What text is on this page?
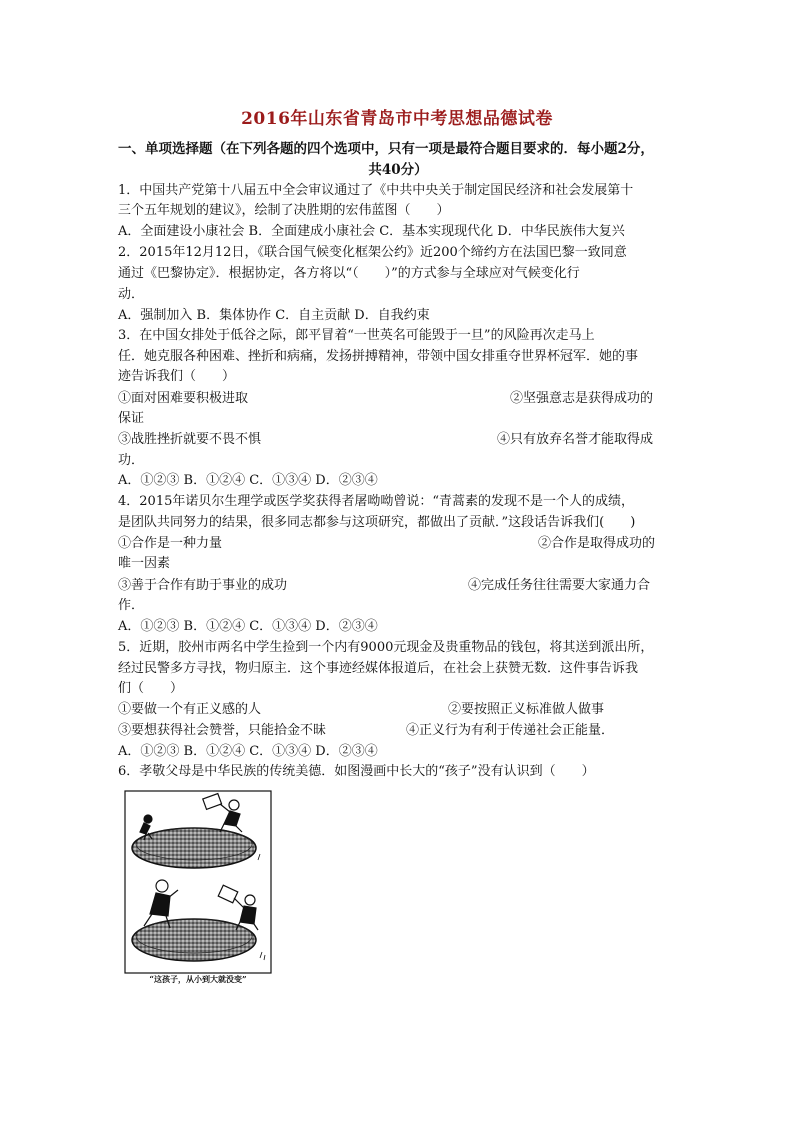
2016年山东省青岛市中考思想品德试卷
一、单项选择题（在下列各题的四个选项中，只有一项是最符合题目要求的．每小题2分，
共40分）
1．中国共产党第十八届五中全会审议通过了《中共中央关于制定国民经济和社会发展第十
三个五年规划的建议》，绘制了决胜期的宏伟蓝图（　　）
A．全面建设小康社会 B．全面建成小康社会 C．基本实现现代化 D．中华民族伟大复兴
2．2015年12月12日，《联合国气候变化框架公约》近200个缔约方在法国巴黎一致同意
通过《巴黎协定》．根据协定，各方将以“（　　）”的方式参与全球应对气候变化行
动．
A．强制加入 B．集体协作 C．自主贡献 D．自我约束
3．在中国女排处于低谷之际，郎平冒着“一世英名可能毁于一旦”的风险再次走马上
任．她克服各种困难、挫折和病痛，发扬拼搏精神，带领中国女排重夺世界杯冠军．她的事
迹告诉我们（　　）
①面对困难要积极进取	②坚强意志是获得成功的
保证
③战胜挫折就要不畏不惧	④只有放弃名誉才能取得成
功．
A．①②③ B．①②④ C．①③④ D．②③④
4．2015年诺贝尔生理学或医学奖获得者屠呦呦曾说：“青蒿素的发现不是一个人的成绩，
是团队共同努力的结果，很多同志都参与这项研究，都做出了贡献．”这段话告诉我们(　　)
①合作是一种力量	②合作是取得成功的
唯一因素
③善于合作有助于事业的成功	④完成任务往往需要大家通力合
作．
A．①②③ B．①②④ C．①③④ D．②③④
5．近期，胶州市两名中学生捡到一个内有9000元现金及贵重物品的钱包，将其送到派出所，
经过民警多方寻找，物归原主．这个事迹经媒体报道后，在社会上获赞无数．这件事告诉我
们（　　）
①要做一个有正义感的人	②要按照正义标准做人做事
③要想获得社会赞誉，只能拾金不昧	④正义行为有利于传递社会正能量．
A．①②③ B．①②④ C．①③④ D．②③④
6．孝敬父母是中华民族的传统美德．如图漫画中长大的“孩子”没有认识到（　　）
“这孩子，从小到大就没变”
